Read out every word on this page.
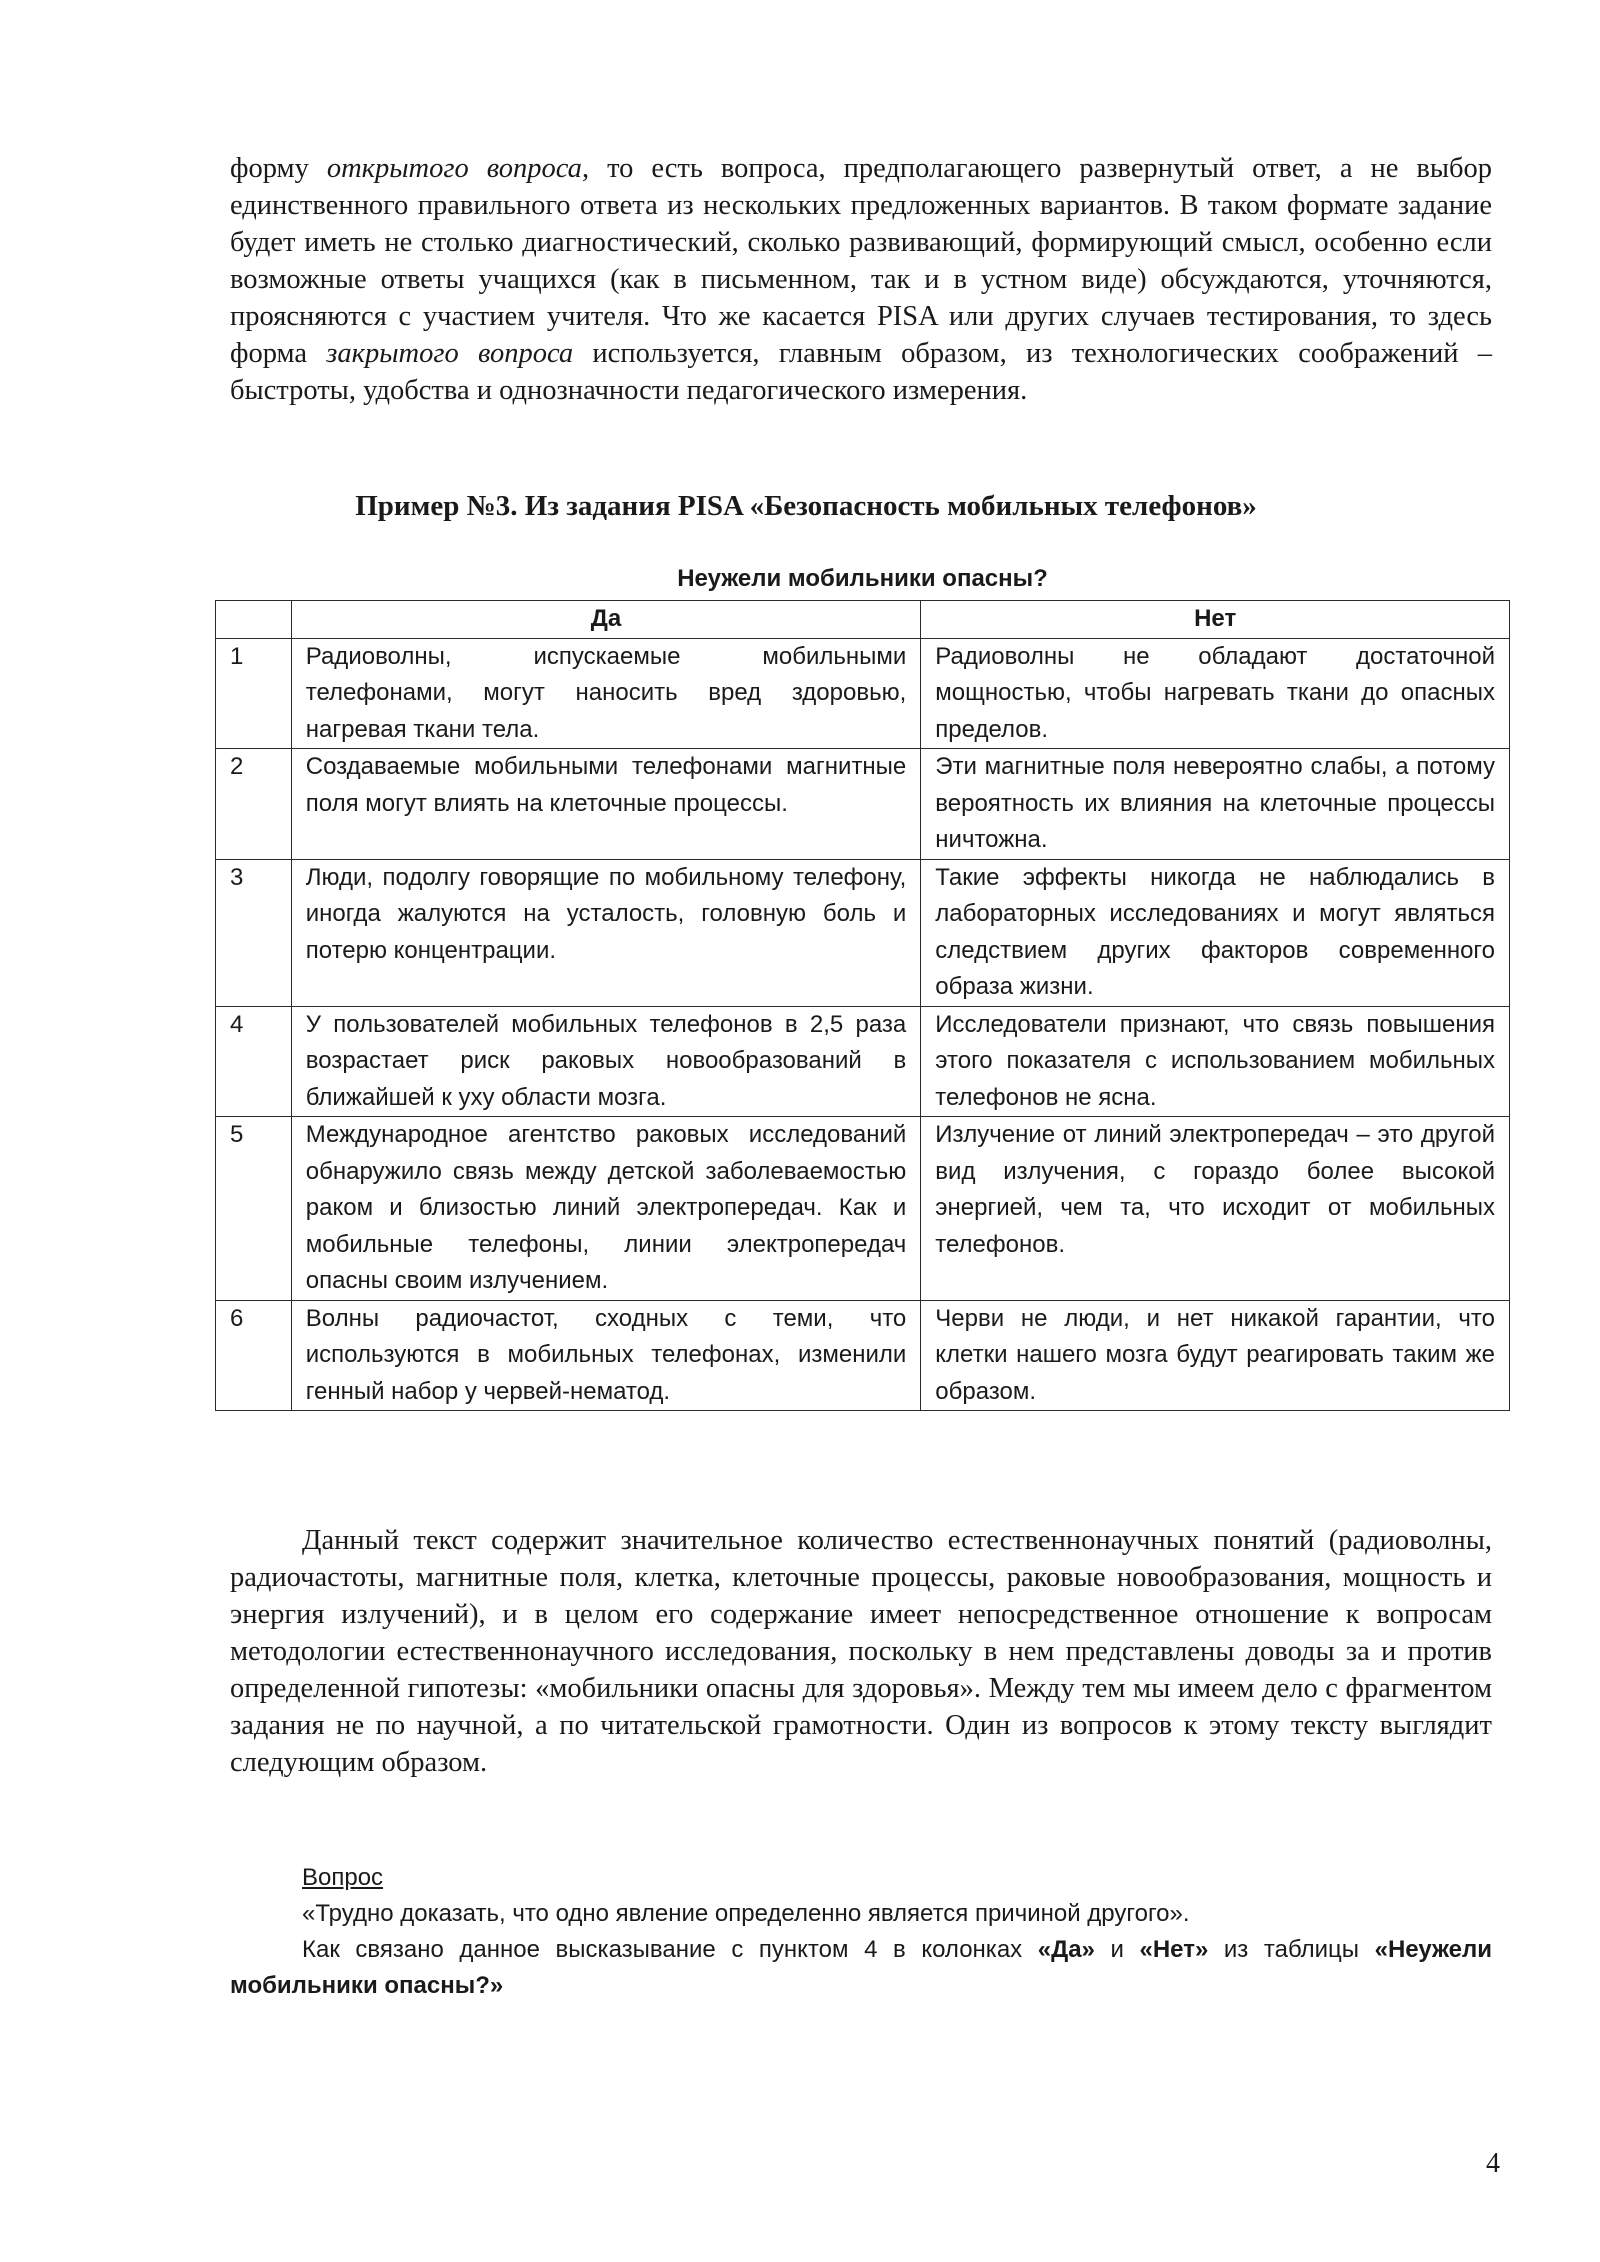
форму открытого вопроса, то есть вопроса, предполагающего развернутый ответ, а не выбор единственного правильного ответа из нескольких предложенных вариантов. В таком формате задание будет иметь не столько диагностический, сколько развивающий, формирующий смысл, особенно если возможные ответы учащихся (как в письменном, так и в устном виде) обсуждаются, уточняются, проясняются с участием учителя. Что же касается PISA или других случаев тестирования, то здесь форма закрытого вопроса используется, главным образом, из технологических соображений – быстроты, удобства и однозначности педагогического измерения.

Пример №3. Из задания PISA «Безопасность мобильных телефонов»
Неужели мобильники опасны?
	Да	Нет
1	Радиоволны, испускаемые мобильными телефонами, могут наносить вред здоровью, нагревая ткани тела.	Радиоволны не обладают достаточной мощностью, чтобы нагревать ткани до опасных пределов.
2	Создаваемые мобильными телефонами магнитные поля могут влиять на клеточные процессы.	Эти магнитные поля невероятно слабы, а потому вероятность их влияния на клеточные процессы ничтожна.
3	Люди, подолгу говорящие по мобильному телефону, иногда жалуются на усталость, головную боль и потерю концентрации.	Такие эффекты никогда не наблюдались в лабораторных исследованиях и могут являться следствием других факторов современного образа жизни.
4	У пользователей мобильных телефонов в 2,5 раза возрастает риск раковых новообразований в ближайшей к уху области мозга.	Исследователи признают, что связь повышения этого показателя с использованием мобильных телефонов не ясна.
5	Международное агентство раковых исследований обнаружило связь между детской заболеваемостью раком и близостью линий электропередач. Как и мобильные телефоны, линии электропередач опасны своим излучением.	Излучение от линий электропередач – это другой вид излучения, с гораздо более высокой энергией, чем та, что исходит от мобильных телефонов.
6	Волны радиочастот, сходных с теми, что используются в мобильных телефонах, изменили генный набор у червей-нематод.	Черви не люди, и нет никакой гарантии, что клетки нашего мозга будут реагировать таким же образом.

Данный текст содержит значительное количество естественнонаучных понятий (радиоволны, радиочастоты, магнитные поля, клетка, клеточные процессы, раковые новообразования, мощность и энергия излучений), и в целом его содержание имеет непосредственное отношение к вопросам методологии естественнонаучного исследования, поскольку в нем представлены доводы за и против определенной гипотезы: «мобильники опасны для здоровья». Между тем мы имеем дело с фрагментом задания не по научной, а по читательской грамотности. Один из вопросов к этому тексту выглядит следующим образом.

Вопрос
«Трудно доказать, что одно явление определенно является причиной другого».
Как связано данное высказывание с пунктом 4 в колонках «Да» и «Нет» из таблицы «Неужели мобильники опасны?»
4
